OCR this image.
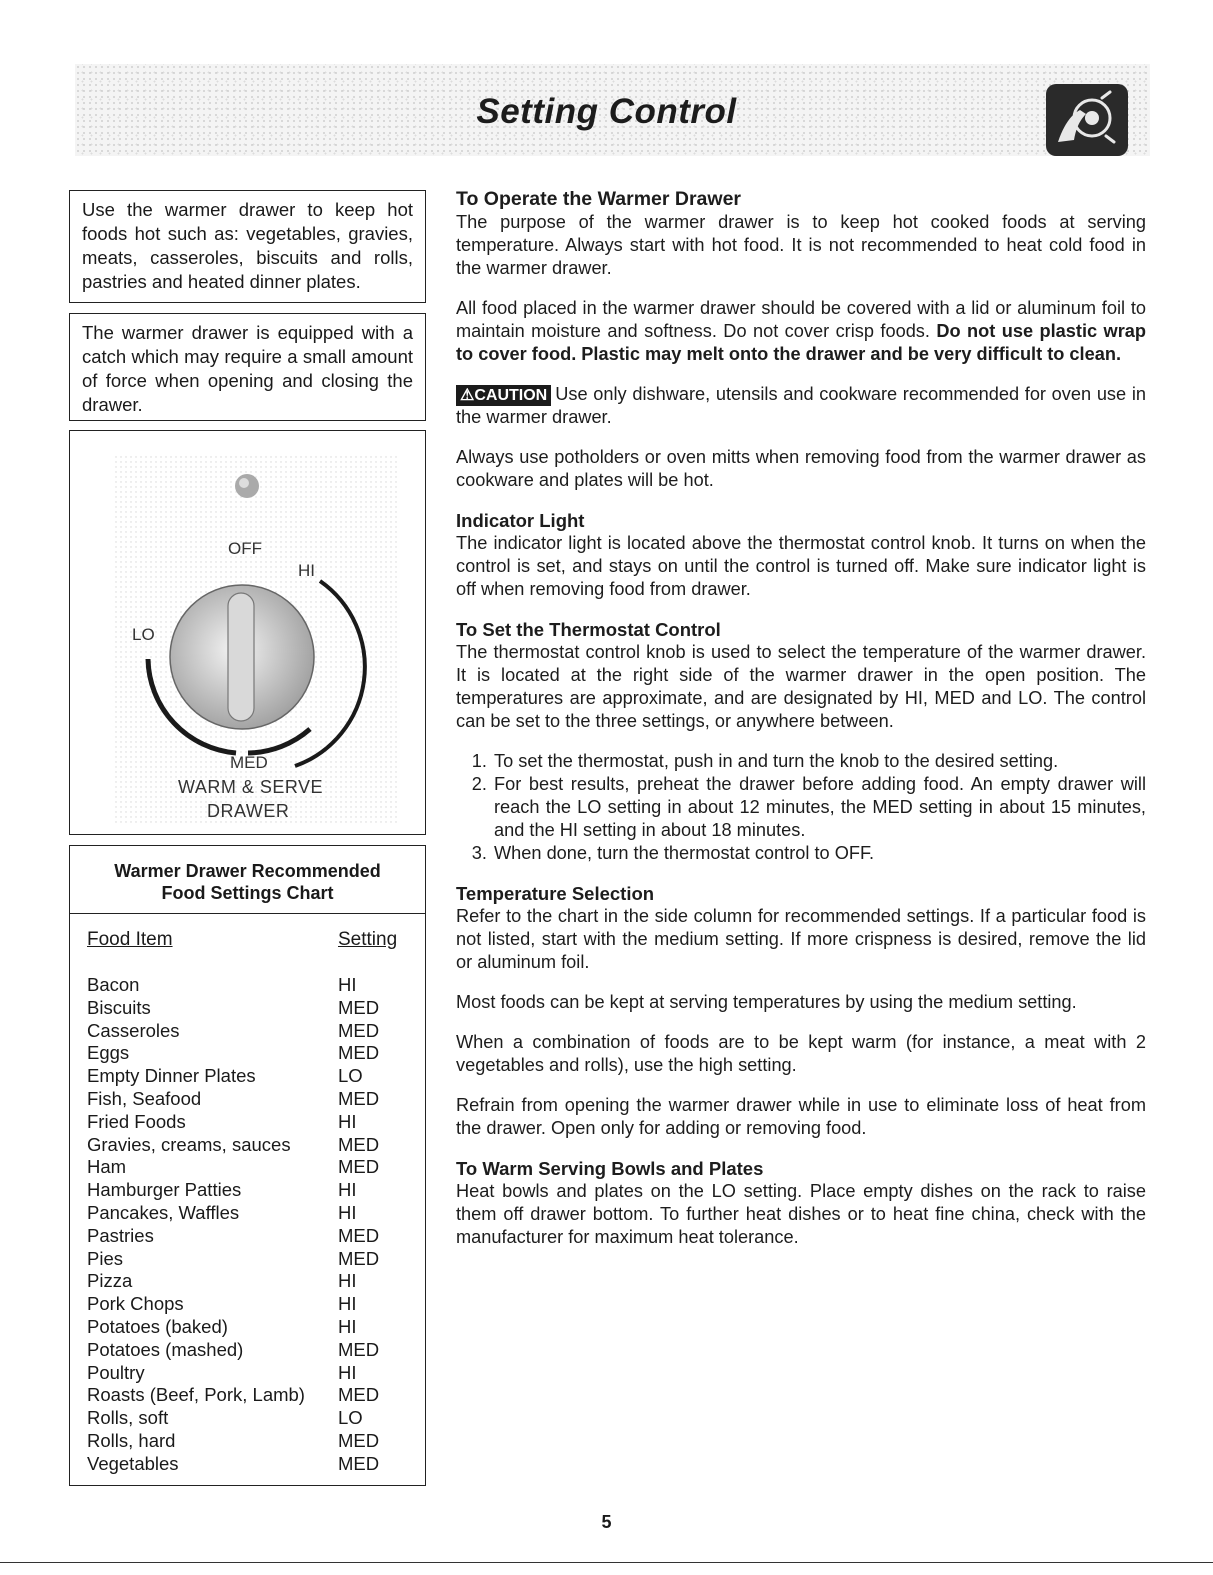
Setting Control
Use the warmer drawer to keep hot foods hot such as: vegetables, gravies, meats, casseroles, biscuits and rolls, pastries and heated dinner plates.
The warmer drawer is equipped with a catch which may require a small amount of force when opening and closing the drawer.
OFF
HI
LO
MED
WARM & SERVE
DRAWER
Warmer Drawer Recommended
Food Settings Chart
Food Item	Setting
Bacon	HI
Biscuits	MED
Casseroles	MED
Eggs	MED
Empty Dinner Plates	LO
Fish, Seafood	MED
Fried Foods	HI
Gravies, creams, sauces	MED
Ham	MED
Hamburger Patties	HI
Pancakes, Waffles	HI
Pastries	MED
Pies	MED
Pizza	HI
Pork Chops	HI
Potatoes (baked)	HI
Potatoes (mashed)	MED
Poultry	HI
Roasts (Beef, Pork, Lamb) MED
Rolls, soft	LO
Rolls, hard	MED
Vegetables	MED
To Operate the Warmer Drawer

The purpose of the warmer drawer is to keep hot cooked foods at serving temperature. Always start with hot food. It is not recommended to heat cold food in the warmer drawer.

All food placed in the warmer drawer should be covered with a lid or aluminum foil to maintain moisture and softness. Do not cover crisp foods. Do not use plastic wrap to cover food. Plastic may melt onto the drawer and be very difficult to clean.

⚠CAUTION Use only dishware, utensils and cookware recommended for oven use in the warmer drawer.

Always use potholders or oven mitts when removing food from the warmer drawer as cookware and plates will be hot.

Indicator Light

The indicator light is located above the thermostat control knob. It turns on when the control is set, and stays on until the control is turned off. Make sure indicator light is off when removing food from drawer.

To Set the Thermostat Control

The thermostat control knob is used to select the temperature of the warmer drawer. It is located at the right side of the warmer drawer in the open position. The temperatures are approximate, and are designated by HI, MED and LO. The control can be set to the three settings, or anywhere between.

1. To set the thermostat, push in and turn the knob to the desired setting.
2. For best results, preheat the drawer before adding food. An empty drawer will reach the LO setting in about 12 minutes, the MED setting in about 15 minutes, and the HI setting in about 18 minutes.
3. When done, turn the thermostat control to OFF.
Temperature Selection

Refer to the chart in the side column for recommended settings. If a particular food is not listed, start with the medium setting. If more crispness is desired, remove the lid or aluminum foil.

Most foods can be kept at serving temperatures by using the medium setting.

When a combination of foods are to be kept warm (for instance, a meat with 2 vegetables and rolls), use the high setting.

Refrain from opening the warmer drawer while in use to eliminate loss of heat from the drawer. Open only for adding or removing food.

To Warm Serving Bowls and Plates

Heat bowls and plates on the LO setting. Place empty dishes on the rack to raise them off drawer bottom. To further heat dishes or to heat fine china, check with the manufacturer for maximum heat tolerance.

5
